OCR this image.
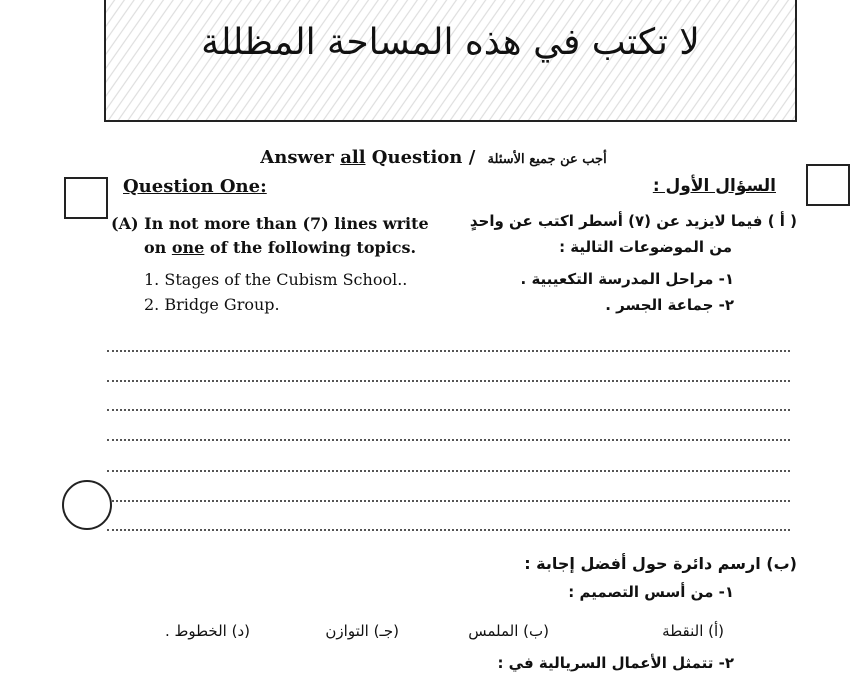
لا تكتب في هذه المساحة المظللة
Answer all Question / أجب عن جميع الأسئلة
Question One:	السؤال الأول :
(A) In not more than (7) lines write
on one of the following topics.
1. Stages of the Cubism School..
2. Bridge Group.
( أ ) فيما لايزيد عن (٧) أسطر اكتب عن واحدٍ
من الموضوعات التالية :
١- مراحل المدرسة التكعيبية .
٢- جماعة الجسر .
(ب) ارسم دائرة حول أفضل إجابة :
١- من أسس التصميم :
(أ) النقطة
(ب) الملمس
(جـ) التوازن
(د) الخطوط .
٢- تتمثل الأعمال السريالية في :
